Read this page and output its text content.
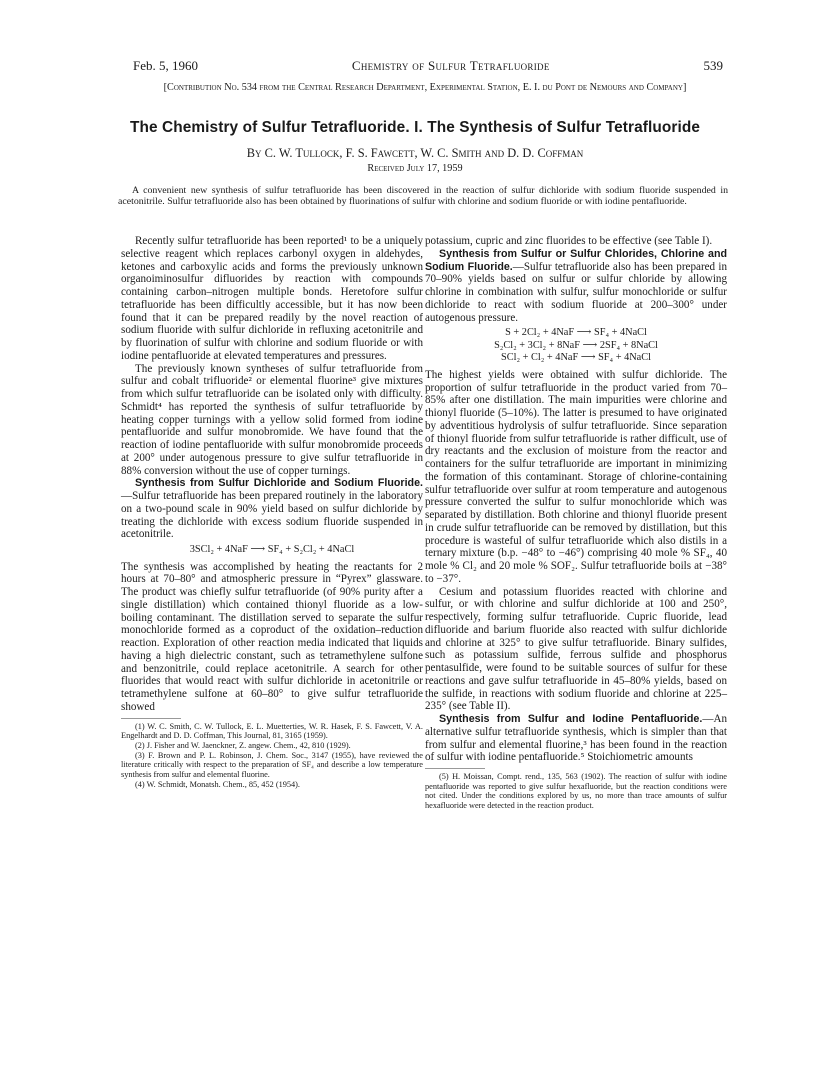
Feb. 5, 1960	Chemistry of Sulfur Tetrafluoride	539
[Contribution No. 534 from the Central Research Department, Experimental Station, E. I. du Pont de Nemours and Company]
The Chemistry of Sulfur Tetrafluoride. I. The Synthesis of Sulfur Tetrafluoride
By C. W. Tullock, F. S. Fawcett, W. C. Smith and D. D. Coffman
Received July 17, 1959
A convenient new synthesis of sulfur tetrafluoride has been discovered in the reaction of sulfur dichloride with sodium fluoride suspended in acetonitrile. Sulfur tetrafluoride also has been obtained by fluorinations of sulfur with chlorine and sodium fluoride or with iodine pentafluoride.

Recently sulfur tetrafluoride has been reported¹ to be a uniquely selective reagent which replaces carbonyl oxygen in aldehydes, ketones and carboxylic acids and forms the previously unknown organoiminosulfur difluorides by reaction with compounds containing carbon–nitrogen multiple bonds. Heretofore sulfur tetrafluoride has been difficultly accessible, but it has now been found that it can be prepared readily by the novel reaction of sodium fluoride with sulfur dichloride in refluxing acetonitrile and by fluorination of sulfur with chlorine and sodium fluoride or with iodine pentafluoride at elevated temperatures and pressures.

The previously known syntheses of sulfur tetrafluoride from sulfur and cobalt trifluoride² or elemental fluorine³ give mixtures from which sulfur tetrafluoride can be isolated only with difficulty. Schmidt⁴ has reported the synthesis of sulfur tetrafluoride by heating copper turnings with a yellow solid formed from iodine pentafluoride and sulfur monobromide. We have found that the reaction of iodine pentafluoride with sulfur monobromide proceeds at 200° under autogenous pressure to give sulfur tetrafluoride in 88% conversion without the use of copper turnings.

Synthesis from Sulfur Dichloride and Sodium Fluoride.—Sulfur tetrafluoride has been prepared routinely in the laboratory on a two-pound scale in 90% yield based on sulfur dichloride by treating the dichloride with excess sodium fluoride suspended in acetonitrile.

3SCl₂ + 4NaF ⟶ SF₄ + S₂Cl₂ + 4NaCl

The synthesis was accomplished by heating the reactants for 2 hours at 70–80° and atmospheric pressure in “Pyrex” glassware. The product was chiefly sulfur tetrafluoride (of 90% purity after a single distillation) which contained thionyl fluoride as a low-boiling contaminant. The distillation served to separate the sulfur monochloride formed as a coproduct of the oxidation–reduction reaction. Exploration of other reaction media indicated that liquids having a high dielectric constant, such as tetramethylene sulfone and benzonitrile, could replace acetonitrile. A search for other fluorides that would react with sulfur dichloride in acetonitrile or tetramethylene sulfone at 60–80° to give sulfur tetrafluoride showed

(1) W. C. Smith, C. W. Tullock, E. L. Muetterties, W. R. Hasek, F. S. Fawcett, V. A. Engelhardt and D. D. Coffman, This Journal, 81, 3165 (1959).

(2) J. Fisher and W. Jaenckner, Z. angew. Chem., 42, 810 (1929).

(3) F. Brown and P. L. Robinson, J. Chem. Soc., 3147 (1955), have reviewed the literature critically with respect to the preparation of SF₄ and describe a low temperature synthesis from sulfur and elemental fluorine.

(4) W. Schmidt, Monatsh. Chem., 85, 452 (1954).

potassium, cupric and zinc fluorides to be effective (see Table I).

Synthesis from Sulfur or Sulfur Chlorides, Chlorine and Sodium Fluoride.—Sulfur tetrafluoride also has been prepared in 70–90% yields based on sulfur or sulfur chloride by allowing chlorine in combination with sulfur, sulfur monochloride or sulfur dichloride to react with sodium fluoride at 200–300° under autogenous pressure.

S + 2Cl₂ + 4NaF ⟶ SF₄ + 4NaCl
S₂Cl₂ + 3Cl₂ + 8NaF ⟶ 2SF₄ + 8NaCl
SCl₂ + Cl₂ + 4NaF ⟶ SF₄ + 4NaCl

The highest yields were obtained with sulfur dichloride. The proportion of sulfur tetrafluoride in the product varied from 70–85% after one distillation. The main impurities were chlorine and thionyl fluoride (5–10%). The latter is presumed to have originated by adventitious hydrolysis of sulfur tetrafluoride. Since separation of thionyl fluoride from sulfur tetrafluoride is rather difficult, use of dry reactants and the exclusion of moisture from the reactor and containers for the sulfur tetrafluoride are important in minimizing the formation of this contaminant. Storage of chlorine-containing sulfur tetrafluoride over sulfur at room temperature and autogenous pressure converted the sulfur to sulfur monochloride which was separated by distillation. Both chlorine and thionyl fluoride present in crude sulfur tetrafluoride can be removed by distillation, but this procedure is wasteful of sulfur tetrafluoride which also distils in a ternary mixture (b.p. −48° to −46°) comprising 40 mole % SF₄, 40 mole % Cl₂ and 20 mole % SOF₂. Sulfur tetrafluoride boils at −38° to −37°.

Cesium and potassium fluorides reacted with chlorine and sulfur, or with chlorine and sulfur dichloride at 100 and 250°, respectively, forming sulfur tetrafluoride. Cupric fluoride, lead difluoride and barium fluoride also reacted with sulfur dichloride and chlorine at 325° to give sulfur tetrafluoride. Binary sulfides, such as potassium sulfide, ferrous sulfide and phosphorus pentasulfide, were found to be suitable sources of sulfur for these reactions and gave sulfur tetrafluoride in 45–80% yields, based on the sulfide, in reactions with sodium fluoride and chlorine at 225–235° (see Table II).

Synthesis from Sulfur and Iodine Pentafluoride.—An alternative sulfur tetrafluoride synthesis, which is simpler than that from sulfur and elemental fluorine,³ has been found in the reaction of sulfur with iodine pentafluoride.⁵ Stoichiometric amounts

(5) H. Moissan, Compt. rend., 135, 563 (1902). The reaction of sulfur with iodine pentafluoride was reported to give sulfur hexafluoride, but the reaction conditions were not cited. Under the conditions explored by us, no more than trace amounts of sulfur hexafluoride were detected in the reaction product.
